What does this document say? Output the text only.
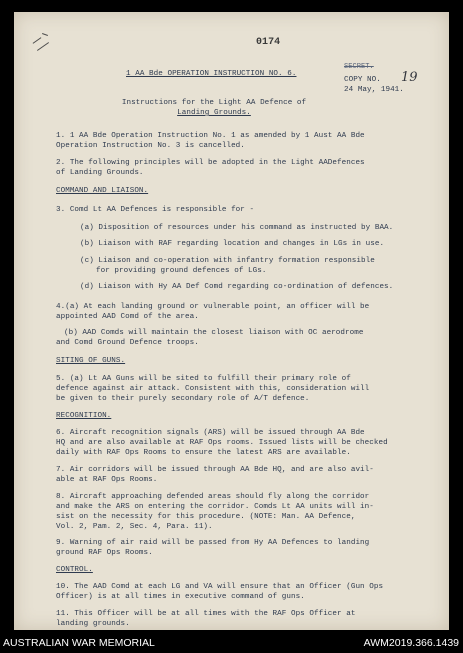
0174
1 AA Bde OPERATION INSTRUCTION NO. 6.
SECRET.
COPY NO. 19
24 May, 1941.
Instructions for the Light AA Defence of
Landing Grounds.
1. 1 AA Bde Operation Instruction No. 1 as amended by 1 Aust AA Bde
Operation Instruction No. 3 is cancelled.
2. The following principles will be adopted in the Light AADefences
of Landing Grounds.
COMMAND AND LIAISON.
3. Comd Lt AA Defences is responsible for -
(a) Disposition of resources under his command as instructed by BAA.
(b) Liaison with RAF regarding location and changes in LGs in use.
(c) Liaison and co-operation with infantry formation responsible
for providing ground defences of LGs.
(d) Liaison with Hy AA Def Comd regarding co-ordination of defences.
4.(a) At each landing ground or vulnerable point, an officer will be
appointed AAD Comd of the area.
(b) AAD Comds will maintain the closest liaison with OC aerodrome
and Comd Ground Defence troops.
SITING OF GUNS.
5. (a) Lt AA Guns will be sited to fulfill their primary role of
defence against air attack. Consistent with this, consideration will
be given to their purely secondary role of A/T defence.
RECOGNITION.
6. Aircraft recognition signals (ARS) will be issued through AA Bde
HQ and are also available at RAF Ops rooms. Issued lists will be checked
daily with RAF Ops Rooms to ensure the latest ARS are available.
7. Air corridors will be issued through AA Bde HQ, and are also avil-
able at RAF Ops Rooms.
8. Aircraft approaching defended areas should fly along the corridor
and make the ARS on entering the corridor. Comds Lt AA units will in-
sist on the necessity for this procedure. (NOTE: Man. AA Defence,
Vol. 2, Pam. 2, Sec. 4, Para. 11).
9. Warning of air raid will be passed from Hy AA Defences to landing
ground RAF Ops Rooms.
CONTROL.
10. The AAD Comd at each LG and VA will ensure that an Officer (Gun Ops
Officer) is at all times in executive command of guns.
11. This Officer will be at all times with the RAF Ops Officer at
landing grounds.
AUSTRALIAN WAR MEMORIAL	AWM2019.366.1439
